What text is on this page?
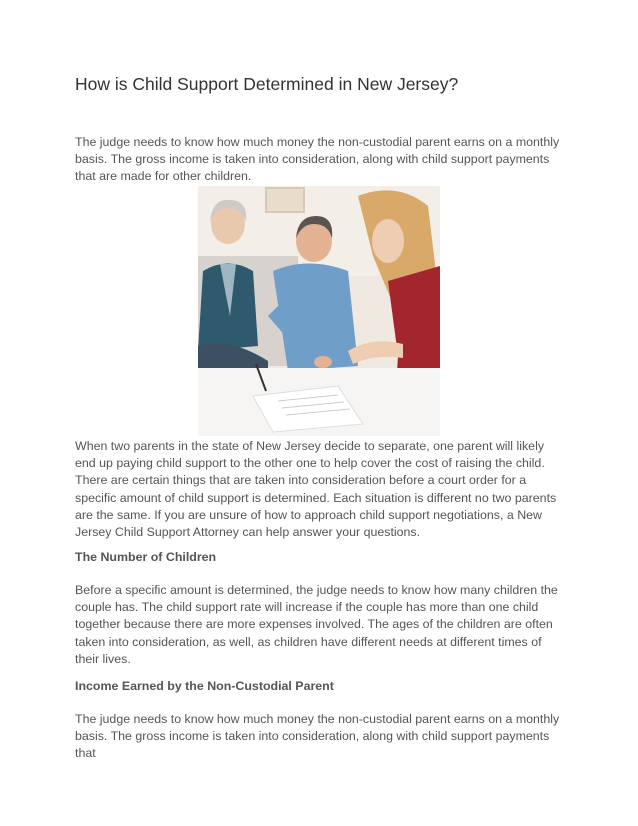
How is Child Support Determined in New Jersey?

The judge needs to know how much money the non-custodial parent earns on a monthly basis. The gross income is taken into consideration, along with child support payments that are made for other children.

When two parents in the state of New Jersey decide to separate, one parent will likely end up paying child support to the other one to help cover the cost of raising the child. There are certain things that are taken into consideration before a court order for a specific amount of child support is determined. Each situation is different no two parents are the same. If you are unsure of how to approach child support negotiations, a New Jersey Child Support Attorney can help answer your questions.

The Number of Children

Before a specific amount is determined, the judge needs to know how many children the couple has. The child support rate will increase if the couple has more than one child together because there are more expenses involved. The ages of the children are often taken into consideration, as well, as children have different needs at different times of their lives.

Income Earned by the Non-Custodial Parent

The judge needs to know how much money the non-custodial parent earns on a monthly basis. The gross income is taken into consideration, along with child support payments that
